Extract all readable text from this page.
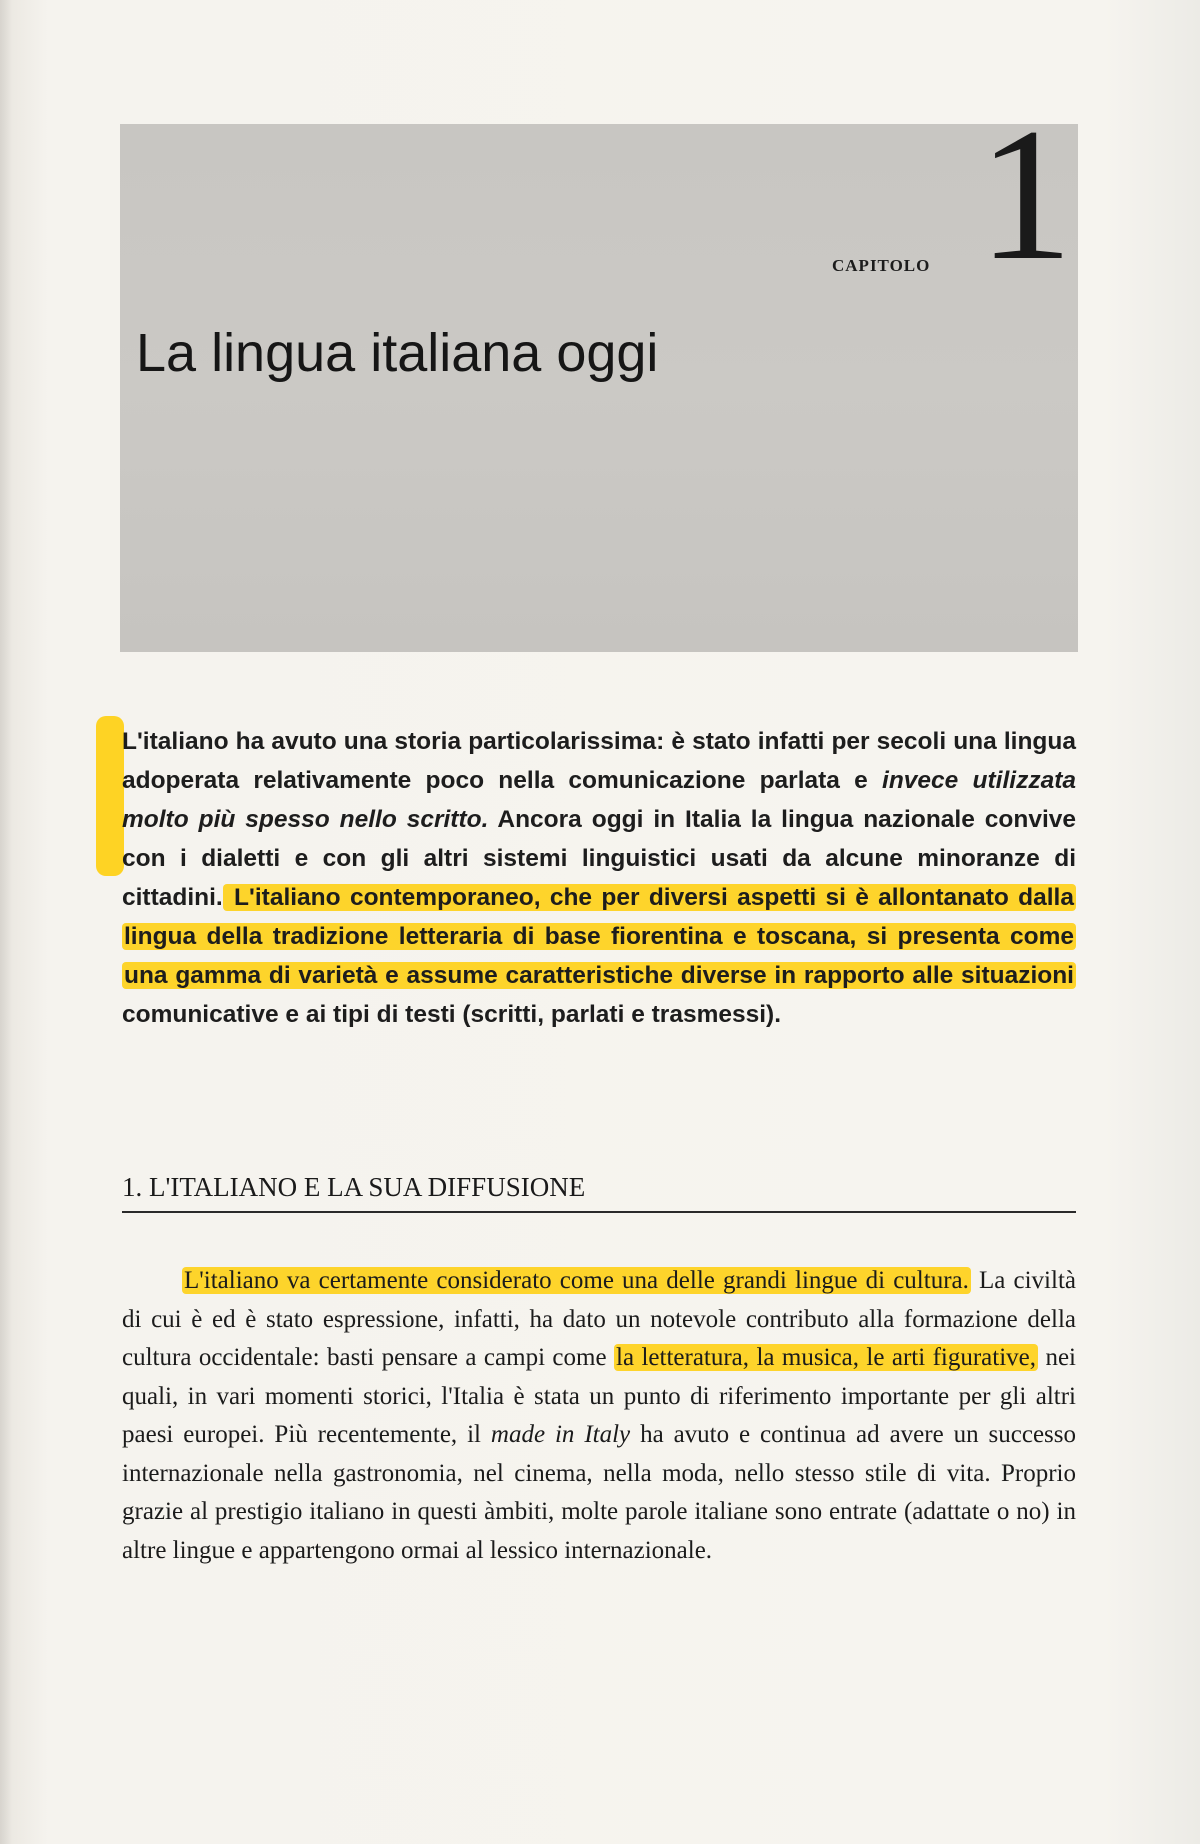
CAPITOLO 1
La lingua italiana oggi
L'italiano ha avuto una storia particolarissima: è stato infatti per secoli una lingua adoperata relativamente poco nella comunicazione parlata e invece utilizzata molto più spesso nello scritto. Ancora oggi in Italia la lingua nazionale convive con i dialetti e con gli altri sistemi linguistici usati da alcune minoranze di cittadini. L'italiano contemporaneo, che per diversi aspetti si è allontanato dalla lingua della tradizione letteraria di base fiorentina e toscana, si presenta come una gamma di varietà e assume caratteristiche diverse in rapporto alle situazioni comunicative e ai tipi di testi (scritti, parlati e trasmessi).
1. L'ITALIANO E LA SUA DIFFUSIONE

L'italiano va certamente considerato come una delle grandi lingue di cultura. La civiltà di cui è ed è stato espressione, infatti, ha dato un notevole contributo alla formazione della cultura occidentale: basti pensare a campi come la letteratura, la musica, le arti figurative, nei quali, in vari momenti storici, l'Italia è stata un punto di riferimento importante per gli altri paesi europei. Più recentemente, il made in Italy ha avuto e continua ad avere un successo internazionale nella gastronomia, nel cinema, nella moda, nello stesso stile di vita. Proprio grazie al prestigio italiano in questi àmbiti, molte parole italiane sono entrate (adattate o no) in altre lingue e appartengono ormai al lessico internazionale.
